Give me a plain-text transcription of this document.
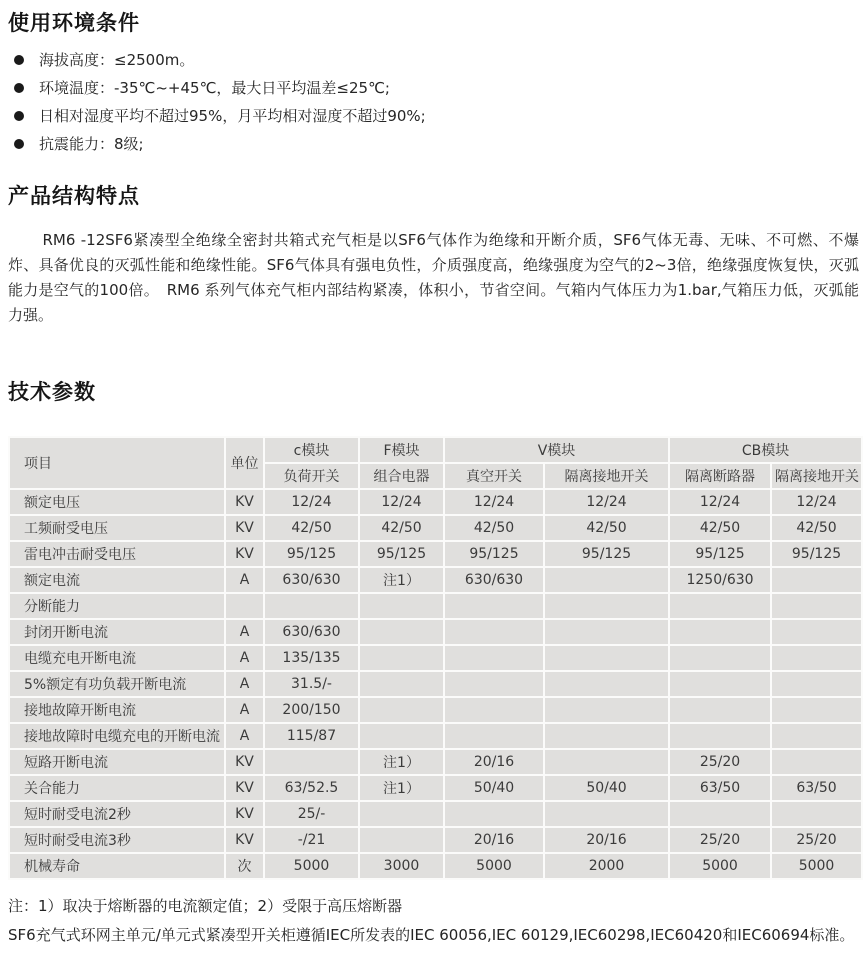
使用环境条件
海拔高度：≤2500m。
环境温度：-35℃~+45℃，最大日平均温差≤25℃;
日相对湿度平均不超过95%，月平均相对湿度不超过90%;
抗震能力：8级;
产品结构特点

RM6 -12SF6紧凑型全绝缘全密封共箱式充气柜是以SF6气体作为绝缘和开断介质，SF6气体无毒、无味、不可燃、不爆炸、具备优良的灭弧性能和绝缘性能。SF6气体具有强电负性，介质强度高，绝缘强度为空气的2~3倍，绝缘强度恢复快，灭弧能力是空气的100倍。　RM6 系列气体充气柜内部结构紧凑，体积小，节省空间。气箱内气体压力为1.bar,气箱压力低，灭弧能力强。

技术参数
项目	单位	c模块	F模块	V模块		CB模块	
		负荷开关	组合电器	真空开关	隔离接地开关	隔离断路器	隔离接地开关
额定电压	KV	12/24	12/24	12/24	12/24	12/24	12/24
工频耐受电压	KV	42/50	42/50	42/50	42/50	42/50	42/50
雷电冲击耐受电压	KV	95/125	95/125	95/125	95/125	95/125	95/125
额定电流	A	630/630	注1）	630/630		1250/630	
分断能力							
封闭开断电流	A	630/630					
电缆充电开断电流	A	135/135					
5%额定有功负载开断电流	A	31.5/-					
接地故障开断电流	A	200/150					
接地故障时电缆充电的开断电流	A	115/87					
短路开断电流	KV		注1）	20/16		25/20	
关合能力	KV	63/52.5	注1）	50/40	50/40	63/50	63/50
短时耐受电流2秒	KV	25/-					
短时耐受电流3秒	KV	-/21		20/16	20/16	25/20	25/20
机械寿命	次	5000	3000	5000	2000	5000	5000

注：1）取决于熔断器的电流额定值；2）受限于高压熔断器

SF6充气式环网主单元/单元式紧凑型开关柜遵循IEC所发表的IEC 60056,IEC 60129,IEC60298,IEC60420和IEC60694标准。
